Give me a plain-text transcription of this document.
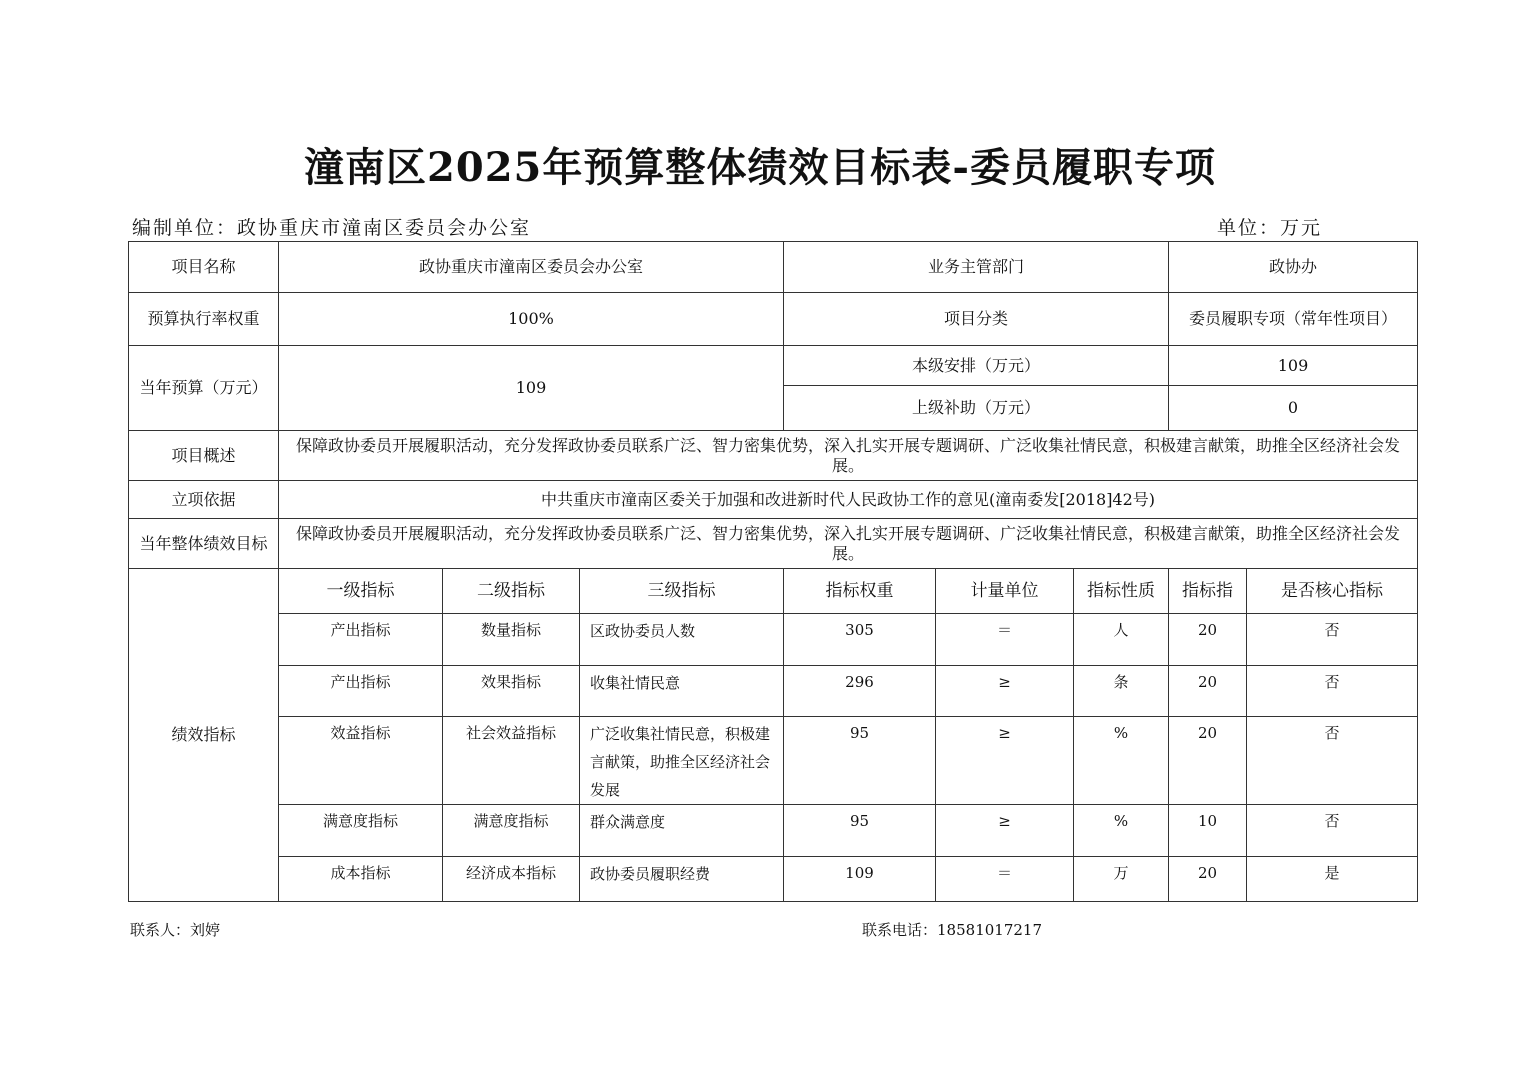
潼南区2025年预算整体绩效目标表-委员履职专项
编制单位：政协重庆市潼南区委员会办公室	单位：万元
项目名称	政协重庆市潼南区委员会办公室			业务主管部门			政协办	
预算执行率权重	100%			项目分类			委员履职专项（常年性项目）	
当年预算（万元）	109			本级安排（万元）			109	
				上级补助（万元）			0	
项目概述	保障政协委员开展履职活动，充分发挥政协委员联系广泛、智力密集优势，深入扎实开展专题调研、广泛收集社情民意，积极建言献策，助推全区经济社会发展。							
立项依据	中共重庆市潼南区委关于加强和改进新时代人民政协工作的意见(潼南委发[2018]42号)							
当年整体绩效目标	保障政协委员开展履职活动，充分发挥政协委员联系广泛、智力密集优势，深入扎实开展专题调研、广泛收集社情民意，积极建言献策，助推全区经济社会发展。							
绩效指标	一级指标	二级指标	三级指标	指标权重	计量单位	指标性质	指标指	是否核心指标
	产出指标	数量指标	区政协委员人数	305	＝	人	20	否
	产出指标	效果指标	收集社情民意	296	≥	条	20	否
	效益指标	社会效益指标	广泛收集社情民意，积极建言献策，助推全区经济社会发展	95	≥	%	20	否
	满意度指标	满意度指标	群众满意度	95	≥	%	10	否
	成本指标	经济成本指标	政协委员履职经费	109	＝	万	20	是
联系人：刘婷	联系电话：18581017217
